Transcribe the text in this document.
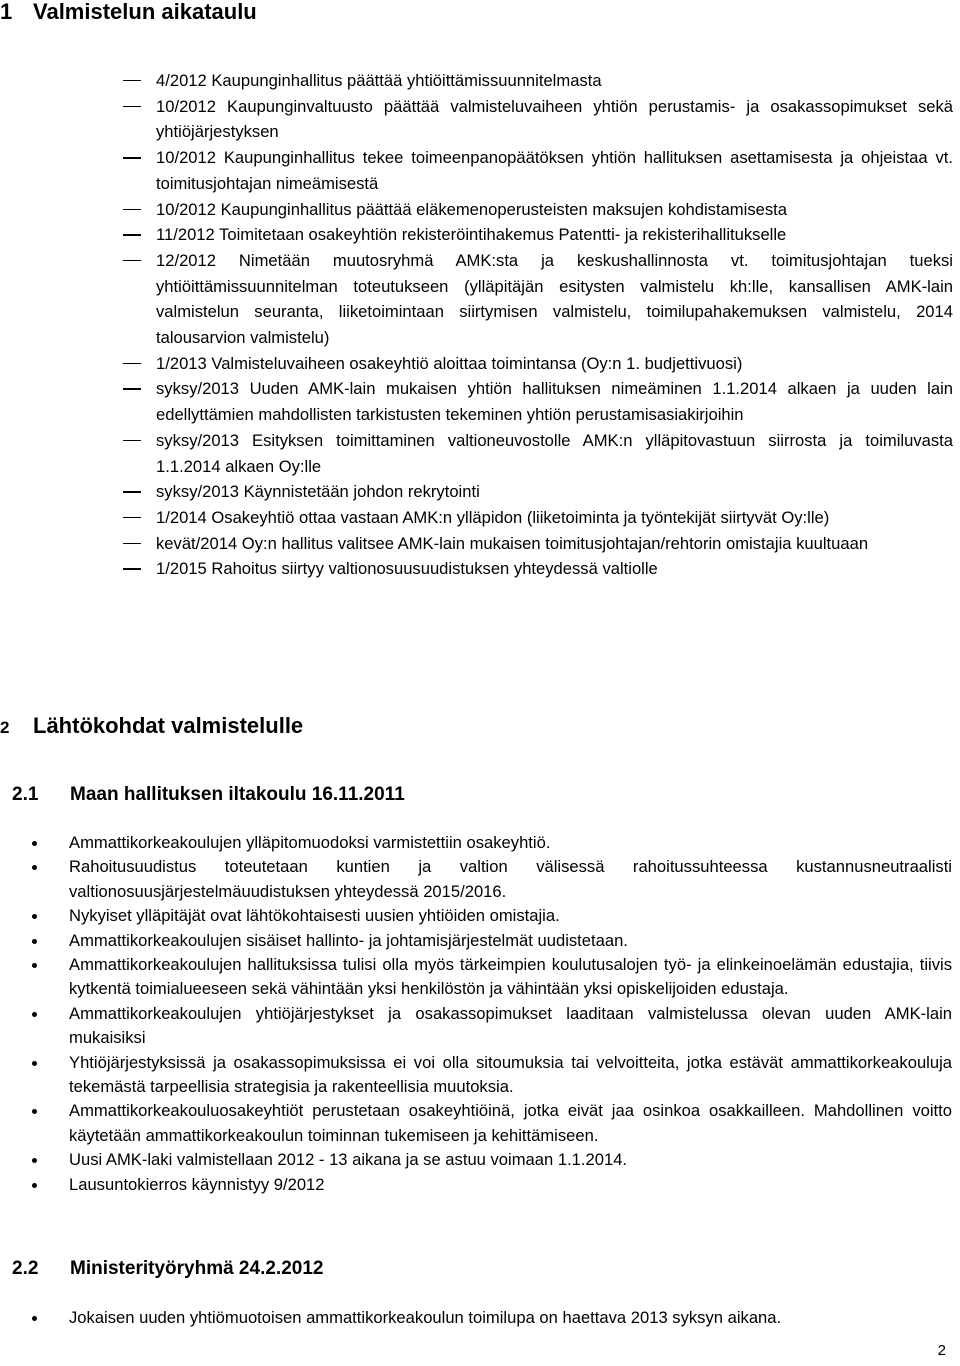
1 Valmistelun aikataulu
4/2012 Kaupunginhallitus päättää yhtiöittämissuunnitelmasta
10/2012 Kaupunginvaltuusto päättää valmisteluvaiheen yhtiön perustamis- ja osakassopimukset sekä yhtiöjärjestyksen
10/2012 Kaupunginhallitus tekee toimeenpanopäätöksen yhtiön hallituksen asettamisesta ja ohjeistaa vt. toimitusjohtajan nimeämisestä
10/2012 Kaupunginhallitus päättää eläkemenoperusteisten maksujen kohdistamisesta
11/2012 Toimitetaan osakeyhtiön rekisteröintihakemus Patentti- ja rekisterihallitukselle
12/2012 Nimetään muutosryhmä AMK:sta ja keskushallinnosta vt. toimitusjohtajan tueksi yhtiöittämissuunnitelman toteutukseen (ylläpitäjän esitysten valmistelu kh:lle, kansallisen AMK-lain valmistelun seuranta, liiketoimintaan siirtymisen valmistelu, toimilupahakemuksen valmistelu, 2014 talousarvion valmistelu)
1/2013 Valmisteluvaiheen osakeyhtiö aloittaa toimintansa (Oy:n 1. budjettivuosi)
syksy/2013 Uuden AMK-lain mukaisen yhtiön hallituksen nimeäminen 1.1.2014 alkaen ja uuden lain edellyttämien mahdollisten tarkistusten tekeminen yhtiön perustamisasiakirjoihin
syksy/2013 Esityksen toimittaminen valtioneuvostolle AMK:n ylläpitovastuun siirrosta ja toimiluvasta 1.1.2014 alkaen Oy:lle
syksy/2013 Käynnistetään johdon rekrytointi
1/2014 Osakeyhtiö ottaa vastaan AMK:n ylläpidon (liiketoiminta ja työntekijät siirtyvät Oy:lle)
kevät/2014 Oy:n hallitus valitsee AMK-lain mukaisen toimitusjohtajan/rehtorin omistajia kuultuaan
1/2015 Rahoitus siirtyy valtionosuusuudistuksen yhteydessä valtiolle
2 Lähtökohdat valmistelulle
2.1 Maan hallituksen iltakoulu 16.11.2011
Ammattikorkeakoulujen ylläpitomuodoksi varmistettiin osakeyhtiö.
Rahoitusuudistus toteutetaan kuntien ja valtion välisessä rahoitussuhteessa kustannusneutraalisti valtionosuusjärjestelmäuudistuksen yhteydessä 2015/2016.
Nykyiset ylläpitäjät ovat lähtökohtaisesti uusien yhtiöiden omistajia.
Ammattikorkeakoulujen sisäiset hallinto- ja johtamisjärjestelmät uudistetaan.
Ammattikorkeakoulujen hallituksissa tulisi olla myös tärkeimpien koulutusalojen työ- ja elinkeinoelämän edustajia, tiivis kytkentä toimialueeseen sekä vähintään yksi henkilöstön ja vähintään yksi opiskelijoiden edustaja.
Ammattikorkeakoulujen yhtiöjärjestykset ja osakassopimukset laaditaan valmistelussa olevan uuden AMK-lain mukaisiksi
Yhtiöjärjestyksissä ja osakassopimuksissa ei voi olla sitoumuksia tai velvoitteita, jotka estävät ammattikorkeakouluja tekemästä tarpeellisia strategisia ja rakenteellisia muutoksia.
Ammattikorkeakouluosakeyhtiöt perustetaan osakeyhtiöinä, jotka eivät jaa osinkoa osakkailleen. Mahdollinen voitto käytetään ammattikorkeakoulun toiminnan tukemiseen ja kehittämiseen.
Uusi AMK-laki valmistellaan 2012 - 13 aikana ja se astuu voimaan 1.1.2014.
Lausuntokierros käynnistyy 9/2012
2.2 Ministerityöryhmä 24.2.2012
Jokaisen uuden yhtiömuotoisen ammattikorkeakoulun toimilupa on haettava 2013 syksyn aikana.
2
